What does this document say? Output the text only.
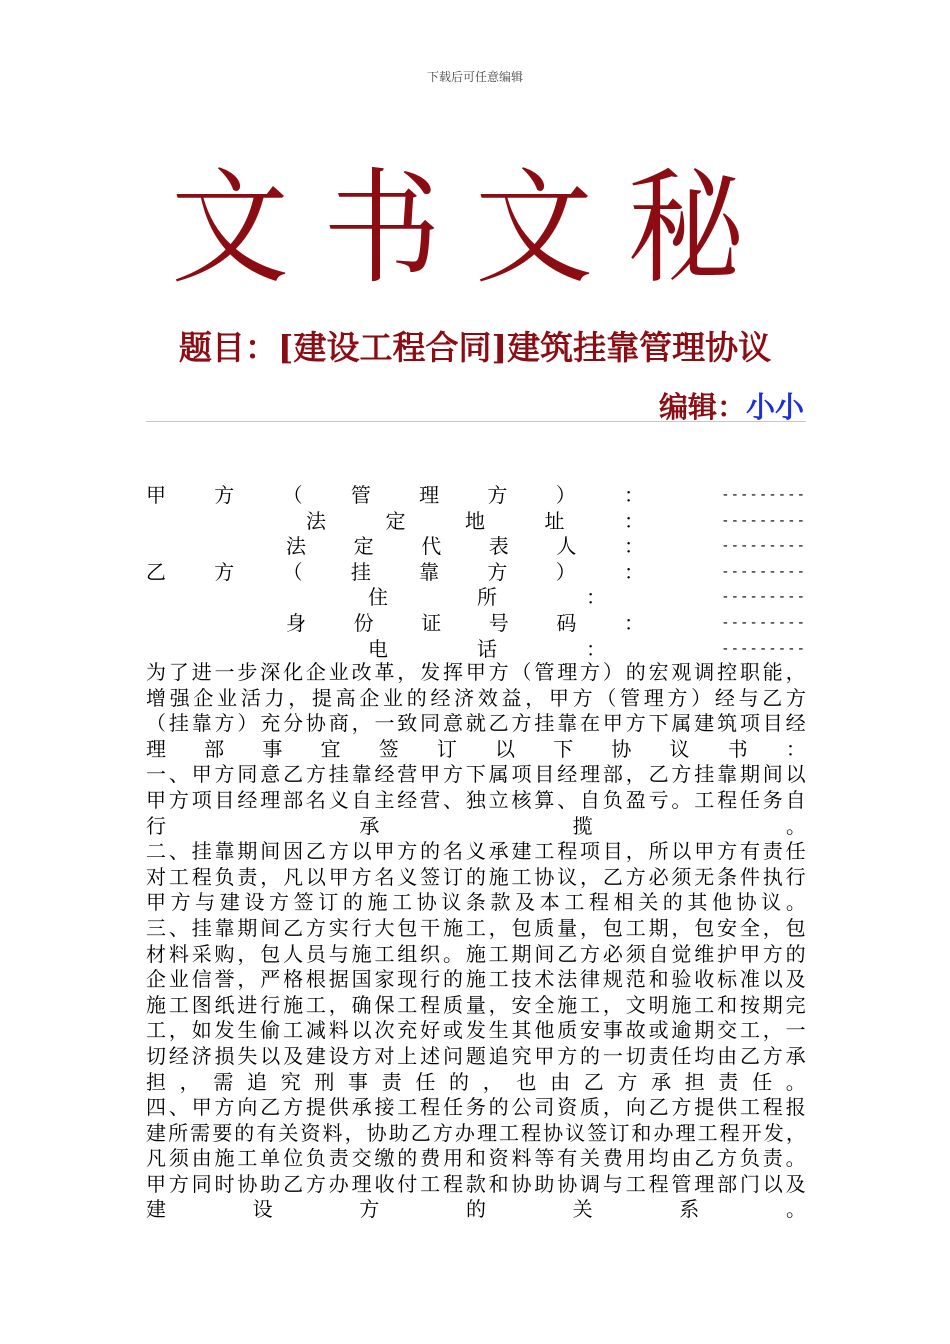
下载后可任意编辑
文书文秘
题目：[建设工程合同]建筑挂靠管理协议
编辑：小小
甲 方 （ 管 理 方 ） ：	---------
法	定	地	址	：	---------
法 定 代 表 人 ：	---------
乙 方 （ 挂 靠 方 ） ：	---------
住	所	：	---------
身 份 证 号 码 ：	---------
电	话	：	---------
为 了 进 一 步 深 化 企 业 改 革 ， 发 挥 甲 方 （ 管 理 方 ） 的 宏 观 调 控 职 能 ，
增 强 企 业 活 力 ， 提 高 企 业 的 经 济 效 益 ， 甲 方 （ 管 理 方 ） 经 与 乙 方
（ 挂 靠 方 ） 充 分 协 商 ， 一 致 同 意 就 乙 方 挂 靠 在 甲 方 下 属 建 筑 项 目 经
理 部 事 宜 签 订 以 下 协 议 书 ：
一 、 甲 方 同 意 乙 方 挂 靠 经 营 甲 方 下 属 项 目 经 理 部 ， 乙 方 挂 靠 期 间 以
甲 方 项 目 经 理 部 名 义 自 主 经 营 、 独 立 核 算 、 自 负 盈 亏 。 工 程 任 务 自
行	承	揽	。
二 、 挂 靠 期 间 因 乙 方 以 甲 方 的 名 义 承 建 工 程 项 目 ， 所 以 甲 方 有 责 任
对 工 程 负 责 ， 凡 以 甲 方 名 义 签 订 的 施 工 协 议 ， 乙 方 必 须 无 条 件 执 行
甲 方 与 建 设 方 签 订 的 施 工 协 议 条 款 及 本 工 程 相 关 的 其 他 协 议 。
三 、 挂 靠 期 间 乙 方 实 行 大 包 干 施 工 ， 包 质 量 ， 包 工 期 ， 包 安 全 ， 包
材 料 采 购 ， 包 人 员 与 施 工 组 织 。 施 工 期 间 乙 方 必 须 自 觉 维 护 甲 方 的
企 业 信 誉 ， 严 格 根 据 国 家 现 行 的 施 工 技 术 法 律 规 范 和 验 收 标 准 以 及
施 工 图 纸 进 行 施 工 ， 确 保 工 程 质 量 ， 安 全 施 工 ， 文 明 施 工 和 按 期 完
工 ， 如 发 生 偷 工 减 料 以 次 充 好 或 发 生 其 他 质 安 事 故 或 逾 期 交 工 ， 一
切 经 济 损 失 以 及 建 设 方 对 上 述 问 题 追 究 甲 方 的 一 切 责 任 均 由 乙 方 承
担 ， 需 追 究 刑 事 责 任 的 ， 也 由 乙 方 承 担 责 任 。
四 、 甲 方 向 乙 方 提 供 承 接 工 程 任 务 的 公 司 资 质 ， 向 乙 方 提 供 工 程 报
建 所 需 要 的 有 关 资 料 ， 协 助 乙 方 办 理 工 程 协 议 签 订 和 办 理 工 程 开 发 ，
凡 须 由 施 工 单 位 负 责 交 缴 的 费 用 和 资 料 等 有 关 费 用 均 由 乙 方 负 责 。
甲 方 同 时 协 助 乙 方 办 理 收 付 工 程 款 和 协 助 协 调 与 工 程 管 理 部 门 以 及
建	设	方	的	关	系	。
